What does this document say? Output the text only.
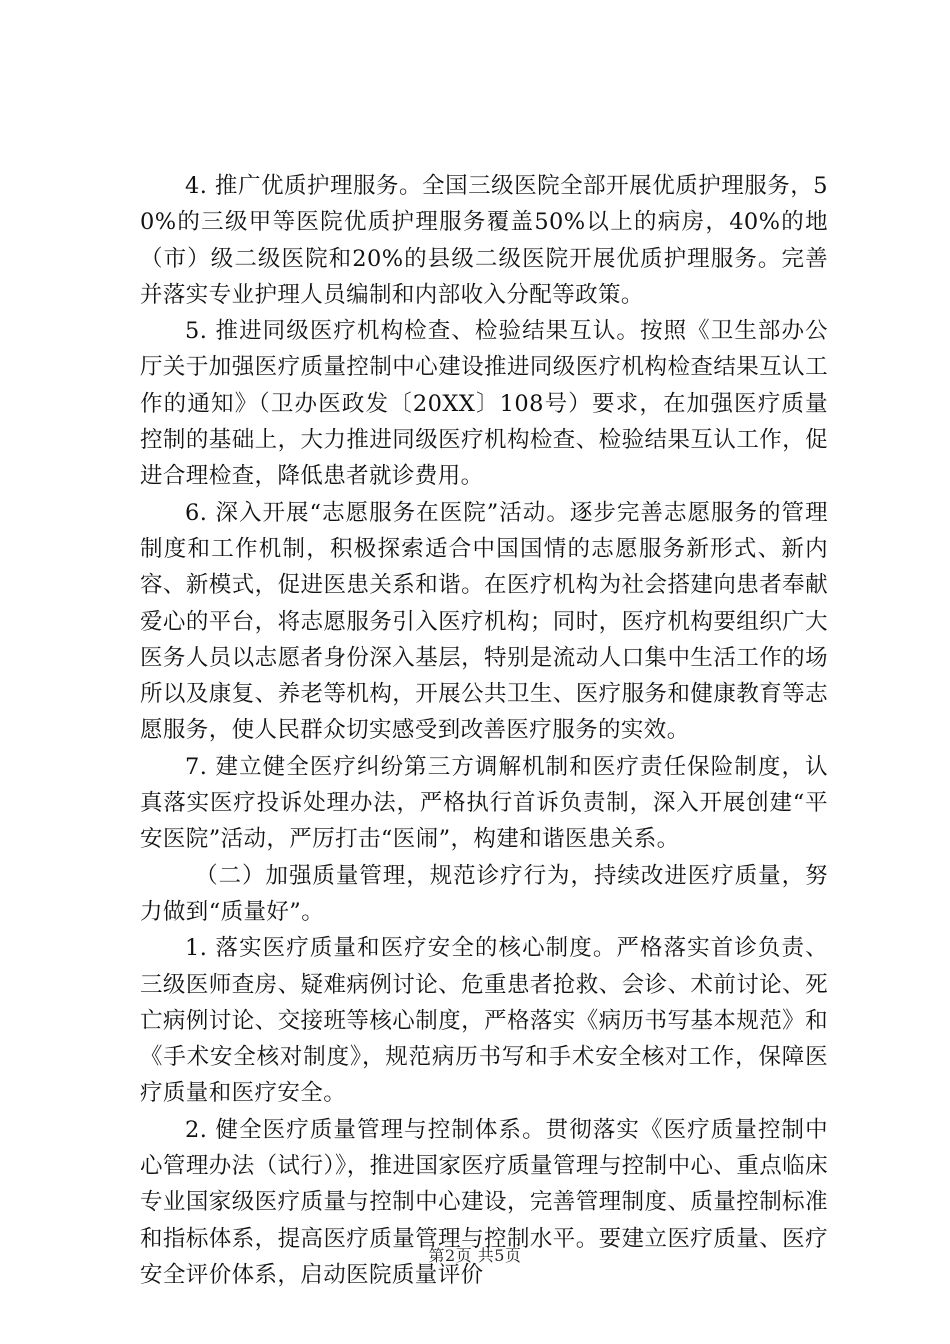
4. 推广优质护理服务。全国三级医院全部开展优质护理服务，50%的三级甲等医院优质护理服务覆盖50%以上的病房，40%的地（市）级二级医院和20%的县级二级医院开展优质护理服务。完善并落实专业护理人员编制和内部收入分配等政策。

5. 推进同级医疗机构检查、检验结果互认。按照《卫生部办公厅关于加强医疗质量控制中心建设推进同级医疗机构检查结果互认工作的通知》（卫办医政发〔20XX〕108号）要求，在加强医疗质量控制的基础上，大力推进同级医疗机构检查、检验结果互认工作，促进合理检查，降低患者就诊费用。

6. 深入开展“志愿服务在医院”活动。逐步完善志愿服务的管理制度和工作机制，积极探索适合中国国情的志愿服务新形式、新内容、新模式，促进医患关系和谐。在医疗机构为社会搭建向患者奉献爱心的平台，将志愿服务引入医疗机构；同时，医疗机构要组织广大医务人员以志愿者身份深入基层，特别是流动人口集中生活工作的场所以及康复、养老等机构，开展公共卫生、医疗服务和健康教育等志愿服务，使人民群众切实感受到改善医疗服务的实效。

7. 建立健全医疗纠纷第三方调解机制和医疗责任保险制度，认真落实医疗投诉处理办法，严格执行首诉负责制，深入开展创建“平安医院”活动，严厉打击“医闹”，构建和谐医患关系。

（二）加强质量管理，规范诊疗行为，持续改进医疗质量，努力做到“质量好”。

1. 落实医疗质量和医疗安全的核心制度。严格落实首诊负责、三级医师查房、疑难病例讨论、危重患者抢救、会诊、术前讨论、死亡病例讨论、交接班等核心制度，严格落实《病历书写基本规范》和《手术安全核对制度》，规范病历书写和手术安全核对工作，保障医疗质量和医疗安全。

2. 健全医疗质量管理与控制体系。贯彻落实《医疗质量控制中心管理办法（试行）》，推进国家医疗质量管理与控制中心、重点临床专业国家级医疗质量与控制中心建设，完善管理制度、质量控制标准和指标体系，提高医疗质量管理与控制水平。要建立医疗质量、医疗安全评价体系，启动医院质量评价

第2页 共5页
